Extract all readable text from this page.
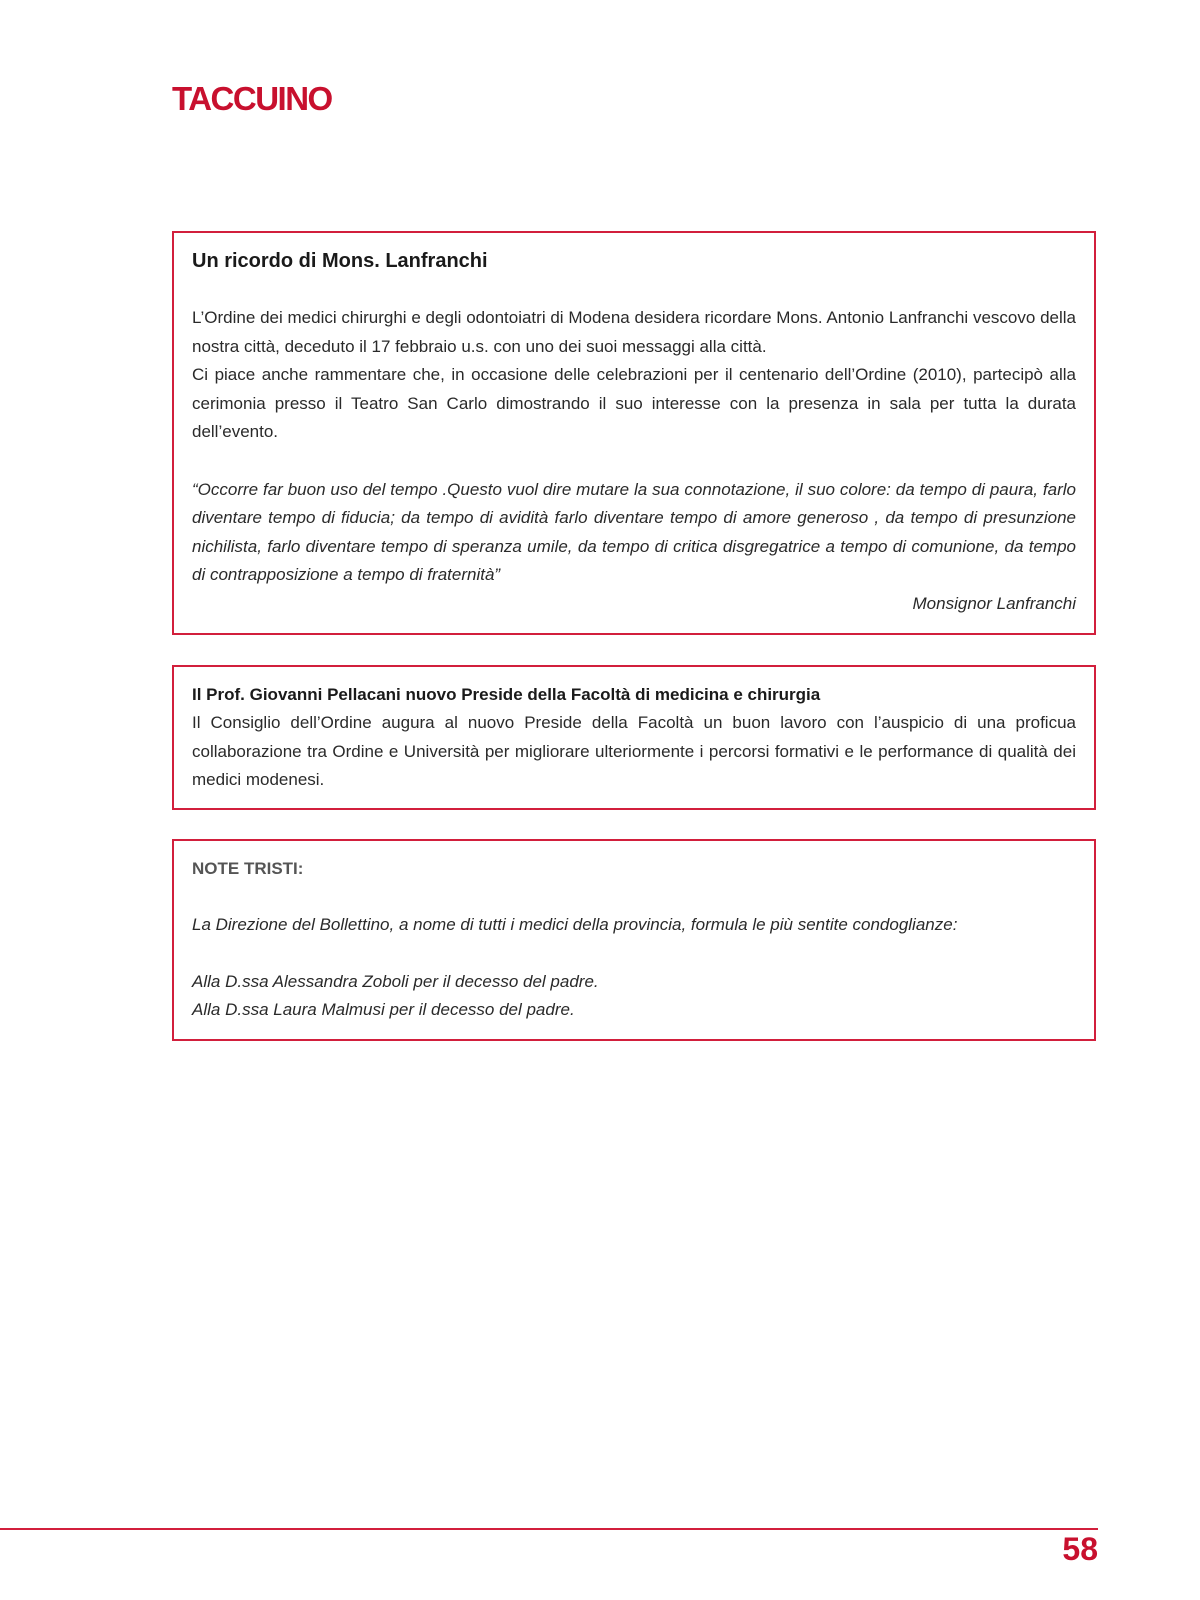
TACCUINO
Un ricordo di Mons. Lanfranchi

L’Ordine dei medici chirurghi e degli odontoiatri di Modena desidera ricordare Mons. Antonio Lanfranchi vescovo della nostra città, deceduto il 17 febbraio u.s. con uno dei suoi messaggi alla città.

Ci piace anche rammentare che, in occasione delle celebrazioni per il centenario dell’Ordine (2010), partecipò alla cerimonia presso il Teatro San Carlo dimostrando il suo interesse con la presenza in sala per tutta la durata dell’evento.

“Occorre far buon uso del tempo .Questo vuol dire mutare la sua connotazione, il suo colore: da tempo di paura, farlo diventare tempo di fiducia; da tempo di avidità farlo diventare tempo di amore generoso , da tempo di presunzione nichilista, farlo diventare tempo di speranza umile, da tempo di critica disgregatrice a tempo di comunione, da tempo di contrapposizione a tempo di fraternità”

Monsignor Lanfranchi

Il Prof. Giovanni Pellacani nuovo Preside della Facoltà di medicina e chirurgia

Il Consiglio dell’Ordine augura al nuovo Preside della Facoltà un buon lavoro con l’auspicio di una proficua collaborazione tra Ordine e Università per migliorare ulteriormente i percorsi formativi e le performance di qualità dei medici modenesi.

NOTE TRISTI:

La Direzione del Bollettino, a nome di tutti i medici della provincia, formula le più sentite condoglianze:

Alla D.ssa Alessandra Zoboli per il decesso del padre.

Alla D.ssa Laura Malmusi per il decesso del padre.

58
